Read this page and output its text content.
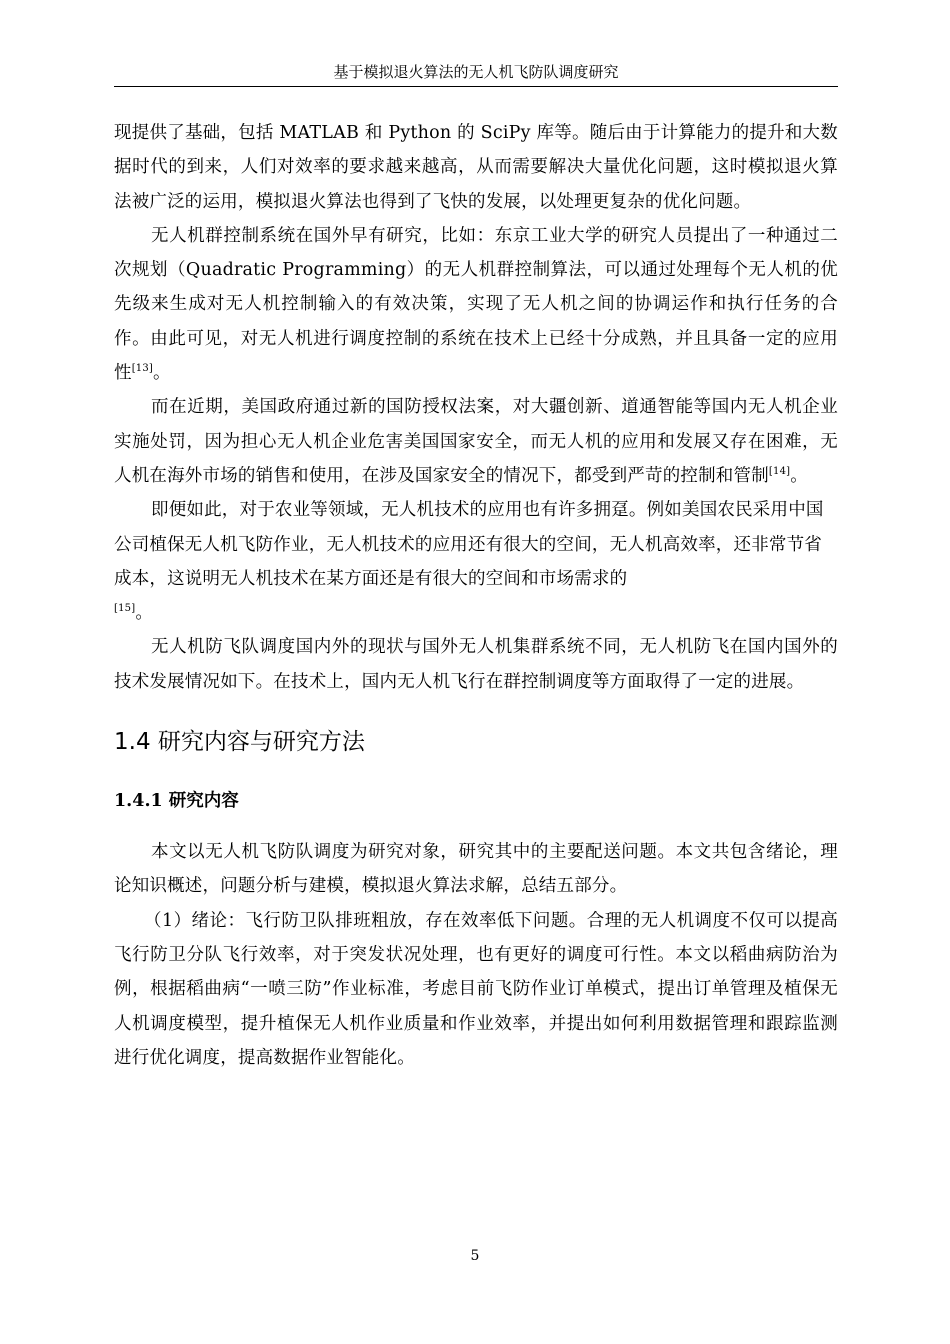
基于模拟退火算法的无人机飞防队调度研究

现提供了基础，包括 MATLAB 和 Python 的 SciPy 库等。随后由于计算能力的提升和大数据时代的到来，人们对效率的要求越来越高，从而需要解决大量优化问题，这时模拟退火算法被广泛的运用，模拟退火算法也得到了飞快的发展，以处理更复杂的优化问题。

无人机群控制系统在国外早有研究，比如：东京工业大学的研究人员提出了一种通过二次规划（Quadratic Programming）的无人机群控制算法，可以通过处理每个无人机的优先级来生成对无人机控制输入的有效决策，实现了无人机之间的协调运作和执行任务的合作。由此可见，对无人机进行调度控制的系统在技术上已经十分成熟，并且具备一定的应用性[13]。

而在近期，美国政府通过新的国防授权法案，对大疆创新、道通智能等国内无人机企业实施处罚，因为担心无人机企业危害美国国家安全，而无人机的应用和发展又存在困难，无人机在海外市场的销售和使用，在涉及国家安全的情况下，都受到严苛的控制和管制[14]。

即便如此，对于农业等领域，无人机技术的应用也有许多拥趸。例如美国农民采用中国公司植保无人机飞防作业，无人机技术的应用还有很大的空间，无人机高效率，还非常节省成本，这说明无人机技术在某方面还是有很大的空间和市场需求的
[15]。

无人机防飞队调度国内外的现状与国外无人机集群系统不同，无人机防飞在国内国外的技术发展情况如下。在技术上，国内无人机飞行在群控制调度等方面取得了一定的进展。

1.4 研究内容与研究方法
1.4.1 研究内容

本文以无人机飞防队调度为研究对象，研究其中的主要配送问题。本文共包含绪论，理论知识概述，问题分析与建模，模拟退火算法求解，总结五部分。

（1）绪论：飞行防卫队排班粗放，存在效率低下问题。合理的无人机调度不仅可以提高飞行防卫分队飞行效率，对于突发状况处理，也有更好的调度可行性。本文以稻曲病防治为例，根据稻曲病“一喷三防”作业标准，考虑目前飞防作业订单模式，提出订单管理及植保无人机调度模型，提升植保无人机作业质量和作业效率，并提出如何利用数据管理和跟踪监测进行优化调度，提高数据作业智能化。

5
